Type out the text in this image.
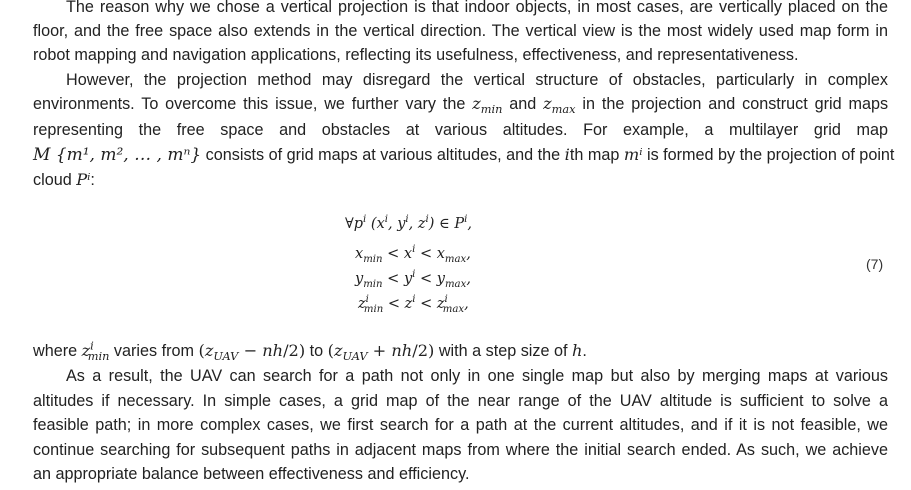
The reason why we chose a vertical projection is that indoor objects, in most cases, are vertically placed on the
floor, and the free space also extends in the vertical direction. The vertical view is the most widely used map form in
robot mapping and navigation applications, reflecting its usefulness, effectiveness, and representativeness.
However, the projection method may disregard the vertical structure of obstacles, particularly in complex
environments. To overcome this issue, we further vary the $z_{min}$ and $z_{max}$ in the projection and construct grid maps
representing the free space and obstacles at various altitudes. For example, a multilayer grid map
M {m¹, m², … , mⁿ} consists of grid maps at various altitudes, and the ith map mⁱ is formed by the projection of point
cloud Pⁱ:
$\forall p^i$ ($x^i$, $y^i$, $z^i$) ∈ $P^i$,
$x_{min} < x^i < x_{max}$,
$y_{min} < y^i < y_{max}$,
$z^i_{min} < z^i < z^i_{max}$,
(7)
where $z^i_{min}$ varies from $(z_{UAV} - nh/2)$ to $(z_{UAV} + nh/2)$ with a step size of h.
As a result, the UAV can search for a path not only in one single map but also by merging maps at various
altitudes if necessary. In simple cases, a grid map of the near range of the UAV altitude is sufficient to solve a
feasible path; in more complex cases, we first search for a path at the current altitudes, and if it is not feasible, we
continue searching for subsequent paths in adjacent maps from where the initial search ended. As such, we achieve
an appropriate balance between effectiveness and efficiency.
